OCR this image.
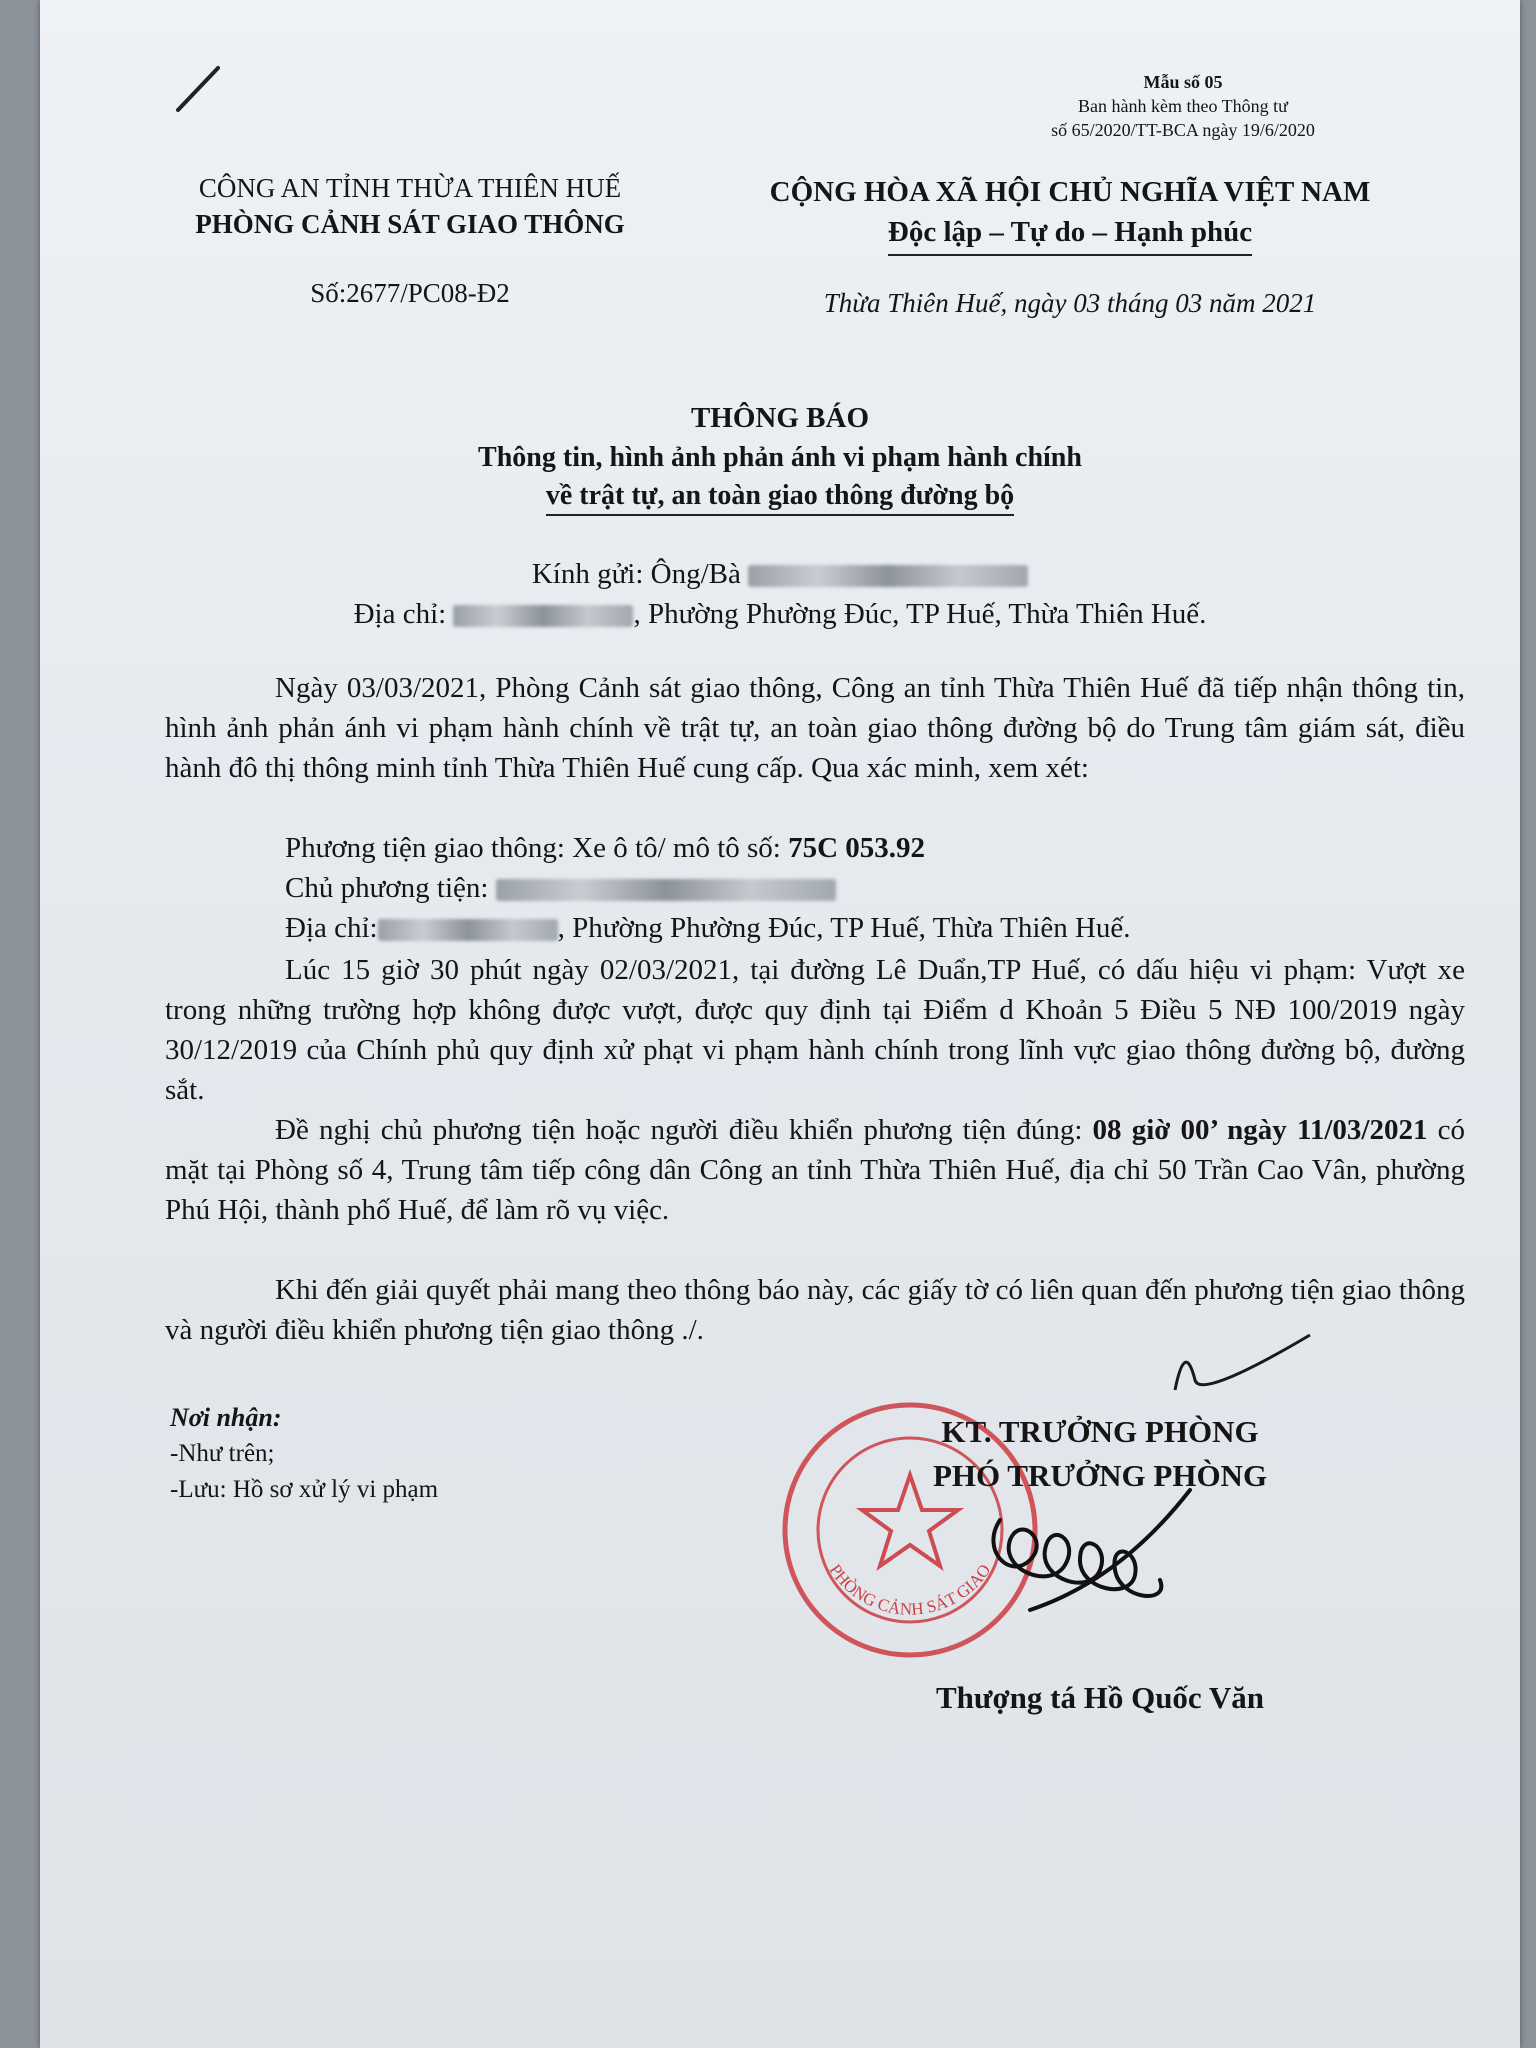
Mẫu số 05
Ban hành kèm theo Thông tư
số 65/2020/TT-BCA ngày 19/6/2020
CÔNG AN TỈNH THỪA THIÊN HUẾ
PHÒNG CẢNH SÁT GIAO THÔNG
Số:2677/PC08-Đ2
CỘNG HÒA XÃ HỘI CHỦ NGHĨA VIỆT NAM
Độc lập – Tự do – Hạnh phúc
Thừa Thiên Huế, ngày 03 tháng 03 năm 2021
THÔNG BÁO
Thông tin, hình ảnh phản ánh vi phạm hành chính
về trật tự, an toàn giao thông đường bộ
Kính gửi: Ông/Bà
Địa chỉ:	, Phường Phường Đúc, TP Huế, Thừa Thiên Huế.
Ngày 03/03/2021, Phòng Cảnh sát giao thông, Công an tỉnh Thừa Thiên Huế đã tiếp nhận thông tin, hình ảnh phản ánh vi phạm hành chính về trật tự, an toàn giao thông đường bộ do Trung tâm giám sát, điều hành đô thị thông minh tỉnh Thừa Thiên Huế cung cấp. Qua xác minh, xem xét:
Phương tiện giao thông: Xe ô tô/ mô tô số: 75C 053.92
Chủ phương tiện:
Địa chỉ:	, Phường Phường Đúc, TP Huế, Thừa Thiên Huế.
Lúc 15 giờ 30 phút ngày 02/03/2021, tại đường Lê Duẩn,TP Huế, có dấu hiệu vi phạm: Vượt xe trong những trường hợp không được vượt, được quy định tại Điểm d Khoản 5 Điều 5 NĐ 100/2019 ngày 30/12/2019 của Chính phủ quy định xử phạt vi phạm hành chính trong lĩnh vực giao thông đường bộ, đường sắt.
Đề nghị chủ phương tiện hoặc người điều khiển phương tiện đúng: 08 giờ 00’ ngày 11/03/2021 có mặt tại Phòng số 4, Trung tâm tiếp công dân Công an tỉnh Thừa Thiên Huế, địa chỉ 50 Trần Cao Vân, phường Phú Hội, thành phố Huế, để làm rõ vụ việc.
Khi đến giải quyết phải mang theo thông báo này, các giấy tờ có liên quan đến phương tiện giao thông và người điều khiển phương tiện giao thông ./.
Nơi nhận:
-Như trên;
-Lưu: Hồ sơ xử lý vi phạm
PHÒNG CẢNH SÁT GIAO
KT. TRƯỞNG PHÒNG
PHÓ TRƯỞNG PHÒNG
Thượng tá Hồ Quốc Văn
